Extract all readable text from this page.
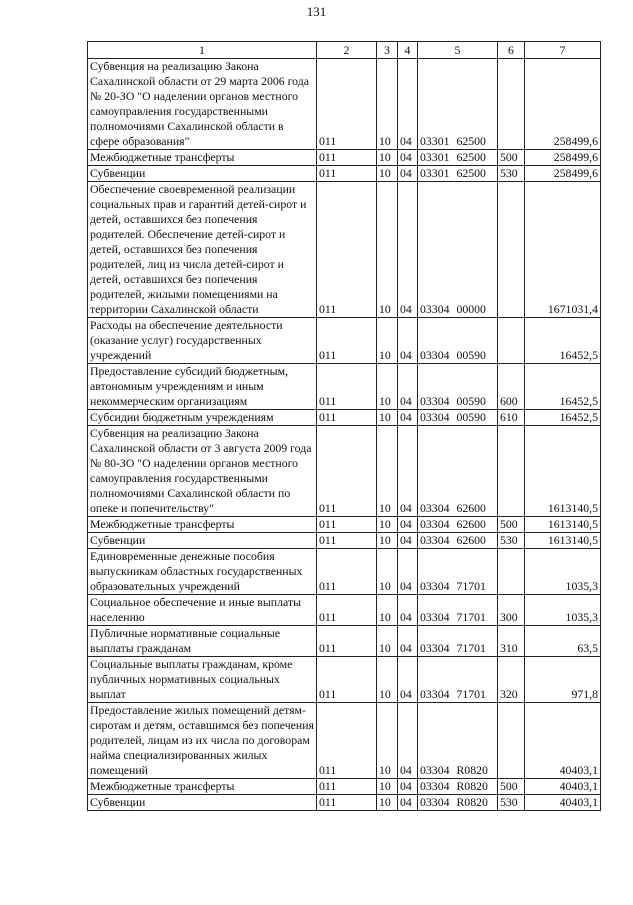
131
1	2	3	4	5	6	7
Субвенция на реализацию Закона Сахалинской области от 29 марта 2006 года № 20-ЗО "О наделении органов местного самоуправления государственными полномочиями Сахалинской области в сфере образования"	011	10	04	03301 62500		258499,6
Межбюджетные трансферты	011	10	04	03301 62500	500	258499,6
Субвенции	011	10	04	03301 62500	530	258499,6
Обеспечение своевременной реализации социальных прав и гарантий детей-сирот и детей, оставшихся без попечения родителей. Обеспечение детей-сирот и детей, оставшихся без попечения родителей, лиц из числа детей-сирот и детей, оставшихся без попечения родителей, жилыми помещениями на территории Сахалинской области	011	10	04	03304 00000		1671031,4
Расходы на обеспечение деятельности (оказание услуг) государственных учреждений	011	10	04	03304 00590		16452,5
Предоставление субсидий бюджетным, автономным учреждениям и иным некоммерческим организациям	011	10	04	03304 00590	600	16452,5
Субсидии бюджетным учреждениям	011	10	04	03304 00590	610	16452,5
Субвенция на реализацию Закона Сахалинской области от 3 августа 2009 года № 80-ЗО "О наделении органов местного самоуправления государственными полномочиями Сахалинской области по опеке и попечительству"	011	10	04	03304 62600		1613140,5
Межбюджетные трансферты	011	10	04	03304 62600	500	1613140,5
Субвенции	011	10	04	03304 62600	530	1613140,5
Единовременные денежные пособия выпускникам областных государственных образовательных учреждений	011	10	04	03304 71701		1035,3
Социальное обеспечение и иные выплаты населению	011	10	04	03304 71701	300	1035,3
Публичные нормативные социальные выплаты гражданам	011	10	04	03304 71701	310	63,5
Социальные выплаты гражданам, кроме публичных нормативных социальных выплат	011	10	04	03304 71701	320	971,8
Предоставление жилых помещений детям-сиротам и детям, оставшимся без попечения родителей, лицам из их числа по договорам найма специализированных жилых помещений	011	10	04	03304 R0820		40403,1
Межбюджетные трансферты	011	10	04	03304 R0820	500	40403,1
Субвенции	011	10	04	03304 R0820	530	40403,1
